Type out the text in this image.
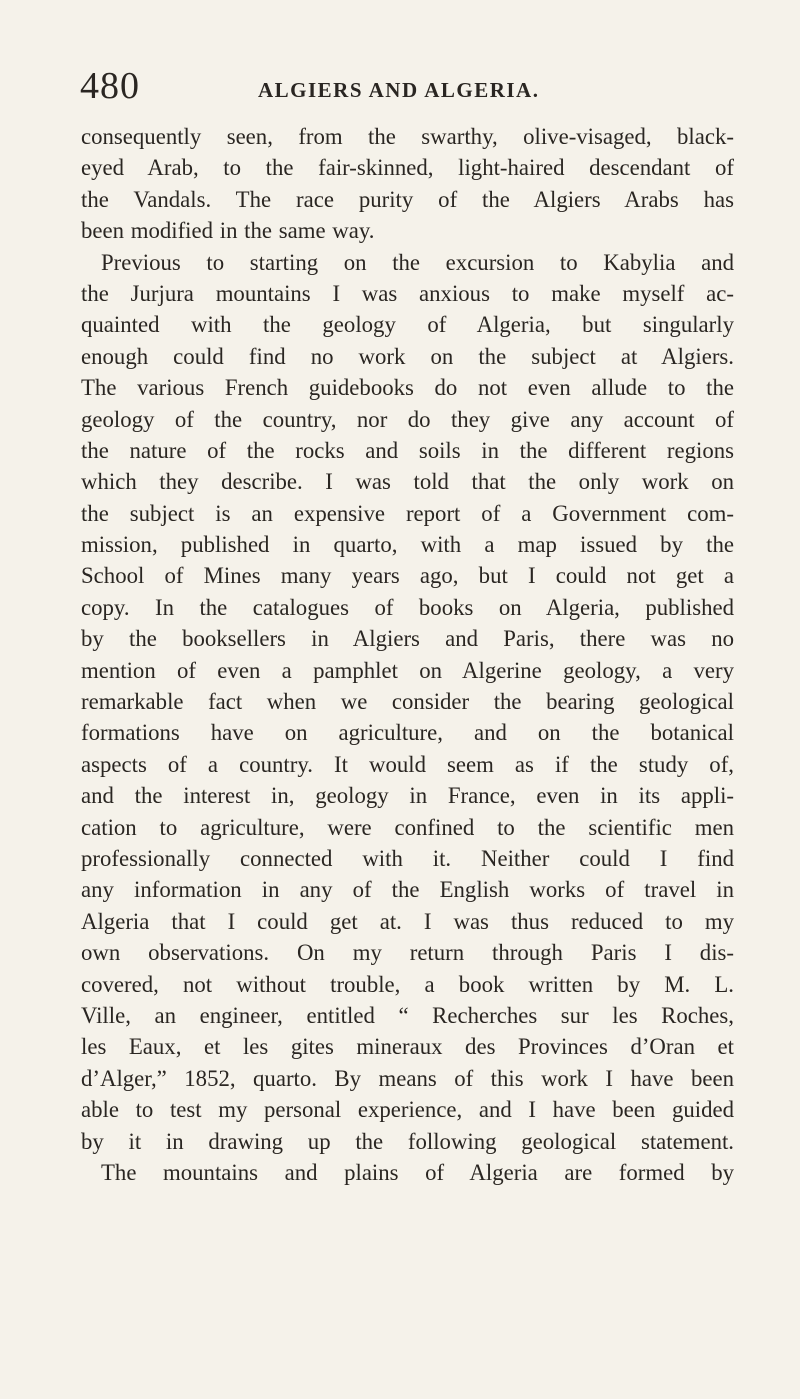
480	ALGIERS AND ALGERIA.
consequently seen, from the swarthy, olive-visaged, black-
eyed Arab, to the fair-skinned, light-haired descendant of
the Vandals. The race purity of the Algiers Arabs has
been modified in the same way.
Previous to starting on the excursion to Kabylia and
the Jurjura mountains I was anxious to make myself ac-
quainted with the geology of Algeria, but singularly
enough could find no work on the subject at Algiers.
The various French guidebooks do not even allude to the
geology of the country, nor do they give any account of
the nature of the rocks and soils in the different regions
which they describe. I was told that the only work on
the subject is an expensive report of a Government com-
mission, published in quarto, with a map issued by the
School of Mines many years ago, but I could not get a
copy. In the catalogues of books on Algeria, published
by the booksellers in Algiers and Paris, there was no
mention of even a pamphlet on Algerine geology, a very
remarkable fact when we consider the bearing geological
formations have on agriculture, and on the botanical
aspects of a country. It would seem as if the study of,
and the interest in, geology in France, even in its appli-
cation to agriculture, were confined to the scientific men
professionally connected with it. Neither could I find
any information in any of the English works of travel in
Algeria that I could get at. I was thus reduced to my
own observations. On my return through Paris I dis-
covered, not without trouble, a book written by M. L.
Ville, an engineer, entitled “ Recherches sur les Roches,
les Eaux, et les gites mineraux des Provinces d’Oran et
d’Alger,” 1852, quarto. By means of this work I have been
able to test my personal experience, and I have been guided
by it in drawing up the following geological statement.
The mountains and plains of Algeria are formed by
